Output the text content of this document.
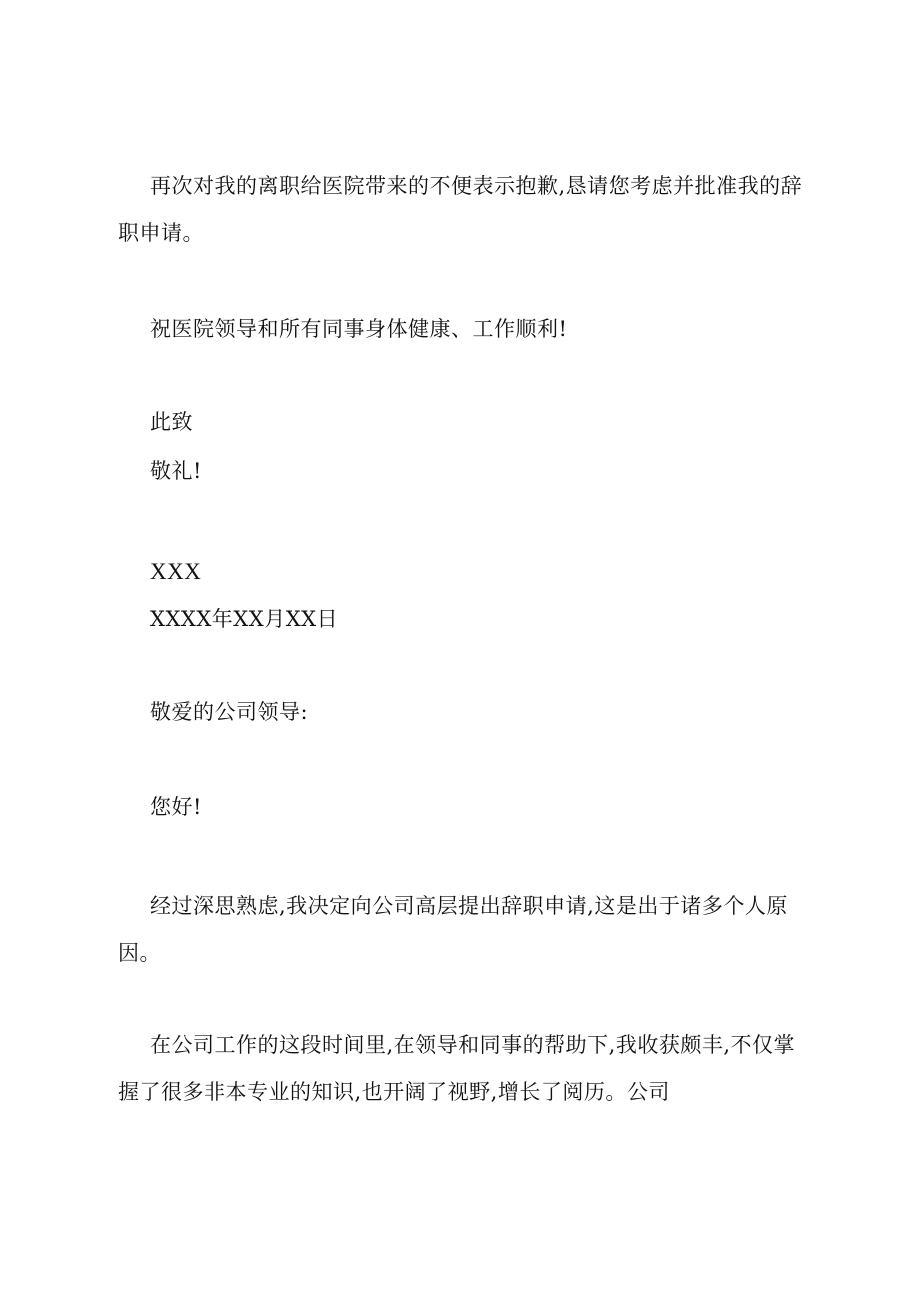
再次对我的离职给医院带来的不便表示抱歉,恳请您考虑并批准我的辞职申请。

祝医院领导和所有同事身体健康、工作顺利!

此致

敬礼!

XXX

XXXX年XX月XX日

敬爱的公司领导:

您好!

经过深思熟虑,我决定向公司高层提出辞职申请,这是出于诸多个人原因。

在公司工作的这段时间里,在领导和同事的帮助下,我收获颇丰,不仅掌握了很多非本专业的知识,也开阔了视野,增长了阅历。公司
